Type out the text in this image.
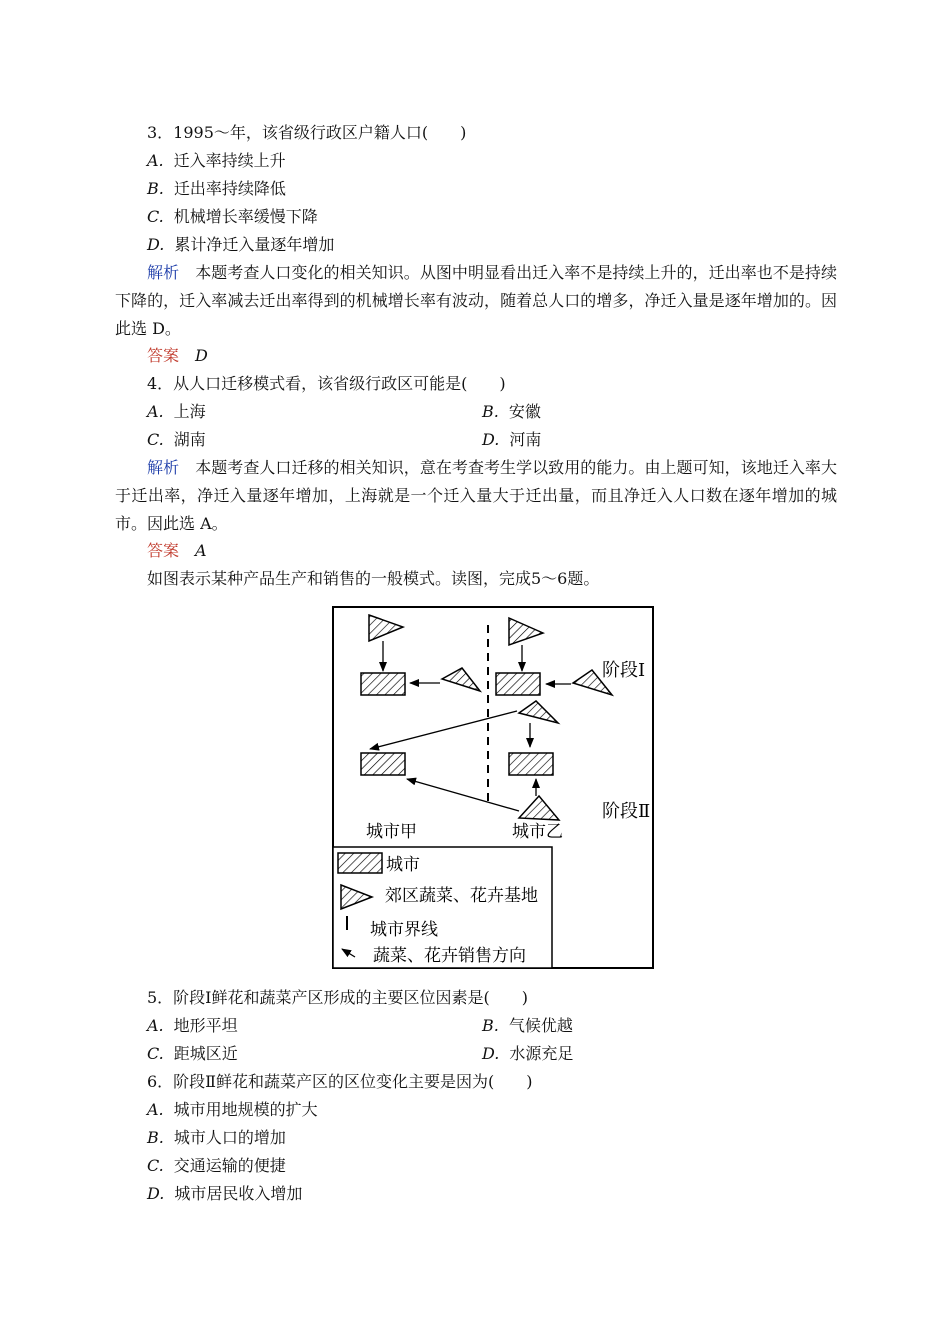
3．1995～年，该省级行政区户籍人口(　　)
A. 迁入率持续上升
B. 迁出率持续降低
C. 机械增长率缓慢下降
D. 累计净迁入量逐年增加
解析　 本题考查人口变化的相关知识。从图中明显看出迁入率不是持续上升的，迁出率也不是持续下降的，迁入率减去迁出率得到的机械增长率有波动，随着总人口的增多，净迁入量是逐年增加的。因此选 D。
答案　 D
4．从人口迁移模式看，该省级行政区可能是(　　)
A. 上海	B. 安徽
C. 湖南	D. 河南
解析　 本题考查人口迁移的相关知识，意在考查考生学以致用的能力。由上题可知，该地迁入率大于迁出率，净迁入量逐年增加，上海就是一个迁入量大于迁出量，而且净迁入人口数在逐年增加的城市。因此选 A。
答案　 A
如图表示某种产品生产和销售的一般模式。读图，完成5～6题。
阶段Ⅰ
阶段Ⅱ
城市甲	城市乙
城市
郊区蔬菜、花卉基地
城市界线
蔬菜、花卉销售方向
5．阶段Ⅰ鲜花和蔬菜产区形成的主要区位因素是(　　)
A. 地形平坦	B. 气候优越
C. 距城区近	D. 水源充足
6．阶段Ⅱ鲜花和蔬菜产区的区位变化主要是因为(　　)
A. 城市用地规模的扩大
B. 城市人口的增加
C. 交通运输的便捷
D. 城市居民收入增加
